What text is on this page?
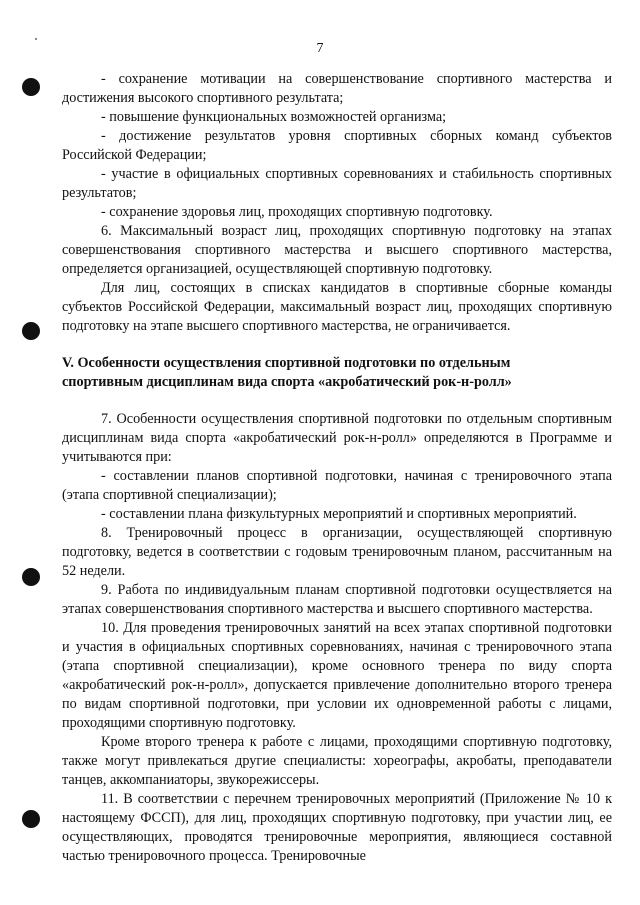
7

- сохранение мотивации на совершенствование спортивного мастерства и достижения высокого спортивного результата;

- повышение функциональных возможностей организма;

- достижение результатов уровня спортивных сборных команд субъектов Российской Федерации;

- участие в официальных спортивных соревнованиях и стабильность спортивных результатов;

- сохранение здоровья лиц, проходящих спортивную подготовку.

6. Максимальный возраст лиц, проходящих спортивную подготовку на этапах совершенствования спортивного мастерства и высшего спортивного мастерства, определяется организацией, осуществляющей спортивную подготовку.

Для лиц, состоящих в списках кандидатов в спортивные сборные команды субъектов Российской Федерации, максимальный возраст лиц, проходящих спортивную подготовку на этапе высшего спортивного мастерства, не ограничивается.

V. Особенности осуществления спортивной подготовки по отдельным

спортивным дисциплинам вида спорта «акробатический рок-н-ролл»

7. Особенности осуществления спортивной подготовки по отдельным спортивным дисциплинам вида спорта «акробатический рок-н-ролл» определяются в Программе и учитываются при:

- составлении планов спортивной подготовки, начиная с тренировочного этапа (этапа спортивной специализации);

- составлении плана физкультурных мероприятий и спортивных мероприятий.

8. Тренировочный процесс в организации, осуществляющей спортивную подготовку, ведется в соответствии с годовым тренировочным планом, рассчитанным на 52 недели.

9. Работа по индивидуальным планам спортивной подготовки осуществляется на этапах совершенствования спортивного мастерства и высшего спортивного мастерства.

10. Для проведения тренировочных занятий на всех этапах спортивной подготовки и участия в официальных спортивных соревнованиях, начиная с тренировочного этапа (этапа спортивной специализации), кроме основного тренера по виду спорта «акробатический рок-н-ролл», допускается привлечение дополнительно второго тренера по видам спортивной подготовки, при условии их одновременной работы с лицами, проходящими спортивную подготовку.

Кроме второго тренера к работе с лицами, проходящими спортивную подготовку, также могут привлекаться другие специалисты: хореографы, акробаты, преподаватели танцев, аккомпаниаторы, звукорежиссеры.

11. В соответствии с перечнем тренировочных мероприятий (Приложение № 10 к настоящему ФССП), для лиц, проходящих спортивную подготовку, при участии лиц, ее осуществляющих, проводятся тренировочные мероприятия, являющиеся составной частью тренировочного процесса. Тренировочные
